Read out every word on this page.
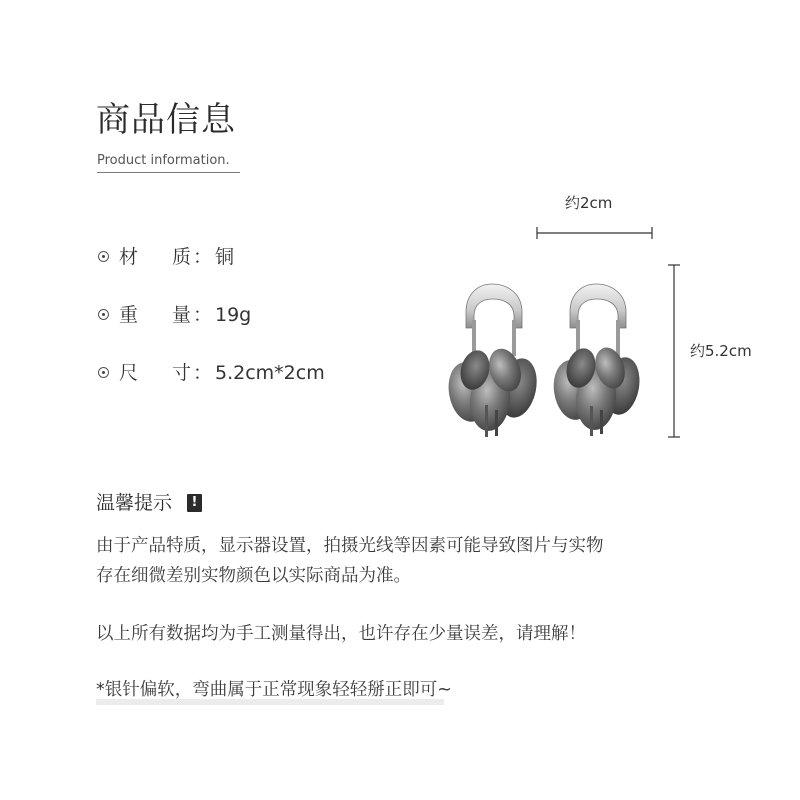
商品信息
Product information.
材 质 ： 铜
重 量 ： 19g
尺 寸 ： 5.2cm*2cm
约2cm
约5.2cm
温馨提示	!
由于产品特质，显示器设置，拍摄光线等因素可能导致图片与实物
存在细微差别实物颜色以实际商品为准。
以上所有数据均为手工测量得出，也许存在少量误差，请理解！
*银针偏软，弯曲属于正常现象轻轻掰正即可~
